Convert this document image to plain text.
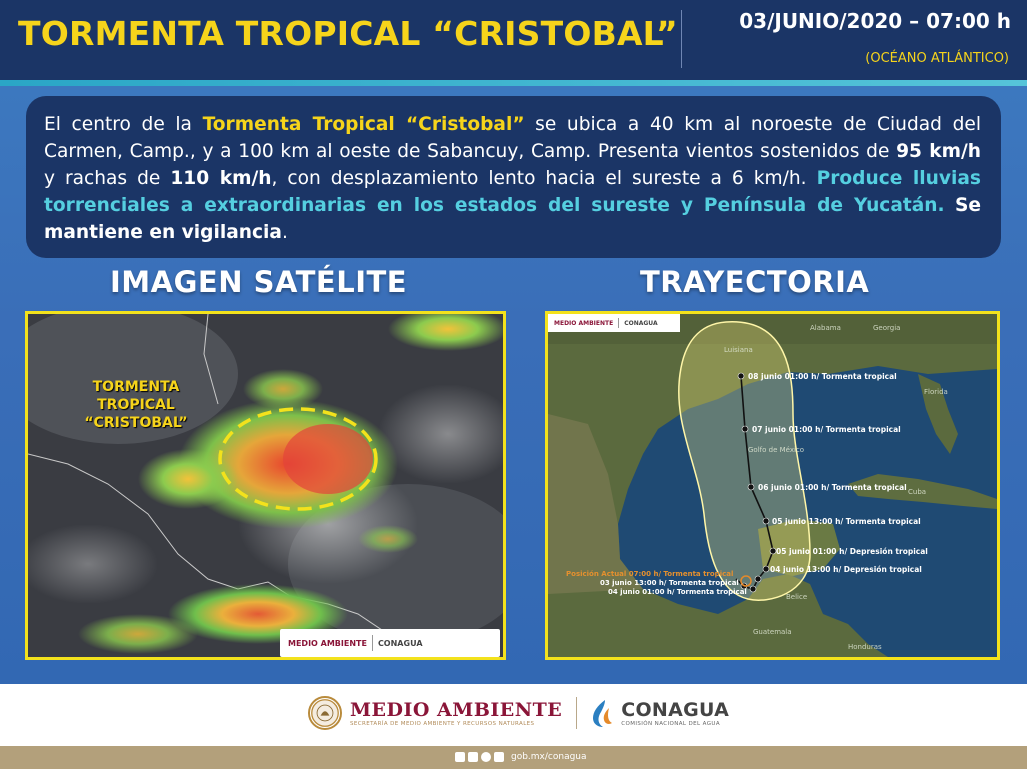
TORMENTA TROPICAL “CRISTOBAL”	03/JUNIO/2020 – 07:00 h
(OCÉANO ATLÁNTICO)
El centro de la Tormenta Tropical “Cristobal” se ubica a 40 km al noroeste de Ciudad del Carmen, Camp., y a 100 km al oeste de Sabancuy, Camp. Presenta vientos sostenidos de 95 km/h y rachas de 110 km/h, con desplazamiento lento hacia el sureste a 6 km/h. Produce lluvias torrenciales a extraordinarias en los estados del sureste y Península de Yucatán. Se mantiene en vigilancia.
IMAGEN SATÉLITE	TRAYECTORIA
TORMENTA
TROPICAL
“CRISTOBAL”
MEDIO AMBIENTE CONAGUA
08 junio 01:00 h/ Tormenta tropical
07 junio 01:00 h/ Tormenta tropical
06 junio 01:00 h/ Tormenta tropical
05 junio 13:00 h/ Tormenta tropical
05 junio 01:00 h/ Depresión tropical
04 junio 13:00 h/ Depresión tropical
Posición Actual 07:00 h/ Tormenta tropical
03 junio 13:00 h/ Tormenta tropical
04 junio 01:00 h/ Tormenta tropical
Alabama	Georgia
Luisiana
Florida
Golfo de México
Cuba
Belice
Guatemala
Honduras
MEDIO AMBIENTE CONAGUA
MEDIO AMBIENTE
SECRETARÍA DE MEDIO AMBIENTE Y RECURSOS NATURALES
CONAGUA
COMISIÓN NACIONAL DEL AGUA
gob.mx/conagua
